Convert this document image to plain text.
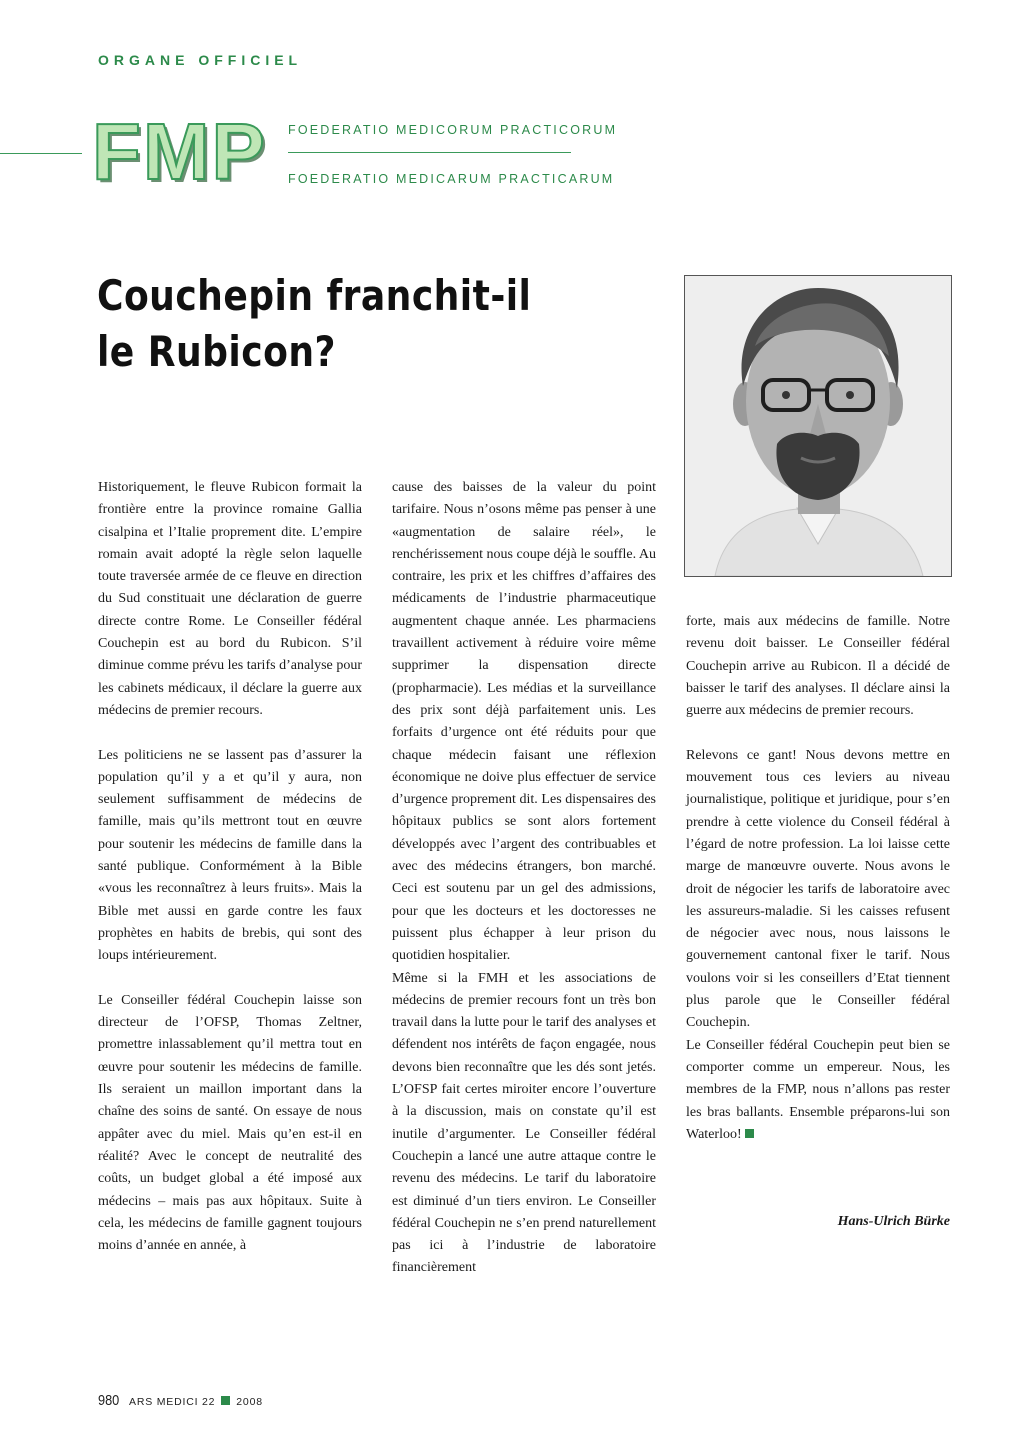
ORGANE OFFICIEL
FMP FOEDERATIO MEDICORUM PRACTICORUM
FOEDERATIO MEDICARUM PRACTICARUM
Couchepin franchit-il
le Rubicon?

Historiquement, le fleuve Rubicon formait la frontière entre la province romaine Gallia cisalpina et l’Italie proprement dite. L’empire romain avait adopté la règle selon laquelle toute traversée armée de ce fleuve en direction du Sud constituait une déclaration de guerre directe contre Rome. Le Conseiller fédéral Couchepin est au bord du Rubicon. S’il diminue comme prévu les tarifs d’analyse pour les cabinets médicaux, il déclare la guerre aux médecins de premier recours.

Les politiciens ne se lassent pas d’assurer la population qu’il y a et qu’il y aura, non seulement suffisamment de médecins de famille, mais qu’ils mettront tout en œuvre pour soutenir les médecins de famille dans la santé publique. Conformément à la Bible «vous les reconnaîtrez à leurs fruits». Mais la Bible met aussi en garde contre les faux prophètes en habits de brebis, qui sont des loups intérieurement.

Le Conseiller fédéral Couchepin laisse son directeur de l’OFSP, Thomas Zeltner, promettre inlassablement qu’il mettra tout en œuvre pour soutenir les médecins de famille. Ils seraient un maillon important dans la chaîne des soins de santé. On essaye de nous appâter avec du miel. Mais qu’en est-il en réalité? Avec le concept de neutralité des coûts, un budget global a été imposé aux médecins – mais pas aux hôpitaux. Suite à cela, les médecins de famille gagnent toujours moins d’année en année, à

cause des baisses de la valeur du point tarifaire. Nous n’osons même pas penser à une «augmentation de salaire réel», le renchérissement nous coupe déjà le souffle. Au contraire, les prix et les chiffres d’affaires des médicaments de l’industrie pharmaceutique augmentent chaque année. Les pharmaciens travaillent activement à réduire voire même supprimer la dispensation directe (propharmacie). Les médias et la surveillance des prix sont déjà parfaitement unis. Les forfaits d’urgence ont été réduits pour que chaque médecin faisant une réflexion économique ne doive plus effectuer de service d’urgence proprement dit. Les dispensaires des hôpitaux publics se sont alors fortement développés avec l’argent des contribuables et avec des médecins étrangers, bon marché. Ceci est soutenu par un gel des admissions, pour que les docteurs et les doctoresses ne puissent plus échapper à leur prison du quotidien hospitalier.

Même si la FMH et les associations de médecins de premier recours font un très bon travail dans la lutte pour le tarif des analyses et défendent nos intérêts de façon engagée, nous devons bien reconnaître que les dés sont jetés. L’OFSP fait certes miroiter encore l’ouverture à la discussion, mais on constate qu’il est inutile d’argumenter. Le Conseiller fédéral Couchepin a lancé une autre attaque contre le revenu des médecins. Le tarif du laboratoire est diminué d’un tiers environ. Le Conseiller fédéral Couchepin ne s’en prend naturellement pas ici à l’industrie de laboratoire financièrement

forte, mais aux médecins de famille. Notre revenu doit baisser. Le Conseiller fédéral Couchepin arrive au Rubicon. Il a décidé de baisser le tarif des analyses. Il déclare ainsi la guerre aux médecins de premier recours.

Relevons ce gant! Nous devons mettre en mouvement tous ces leviers au niveau journalistique, politique et juridique, pour s’en prendre à cette violence du Conseil fédéral à l’égard de notre profession. La loi laisse cette marge de manœuvre ouverte. Nous avons le droit de négocier les tarifs de laboratoire avec les assureurs-maladie. Si les caisses refusent de négocier avec nous, nous laissons le gouvernement cantonal fixer le tarif. Nous voulons voir si les conseillers d’Etat tiennent plus parole que le Conseiller fédéral Couchepin.

Le Conseiller fédéral Couchepin peut bien se comporter comme un empereur. Nous, les membres de la FMP, nous n’allons pas rester les bras ballants. Ensemble préparons-lui son Waterloo!

Hans-Ulrich Bürke
980 ARS MEDICI 22 2008
